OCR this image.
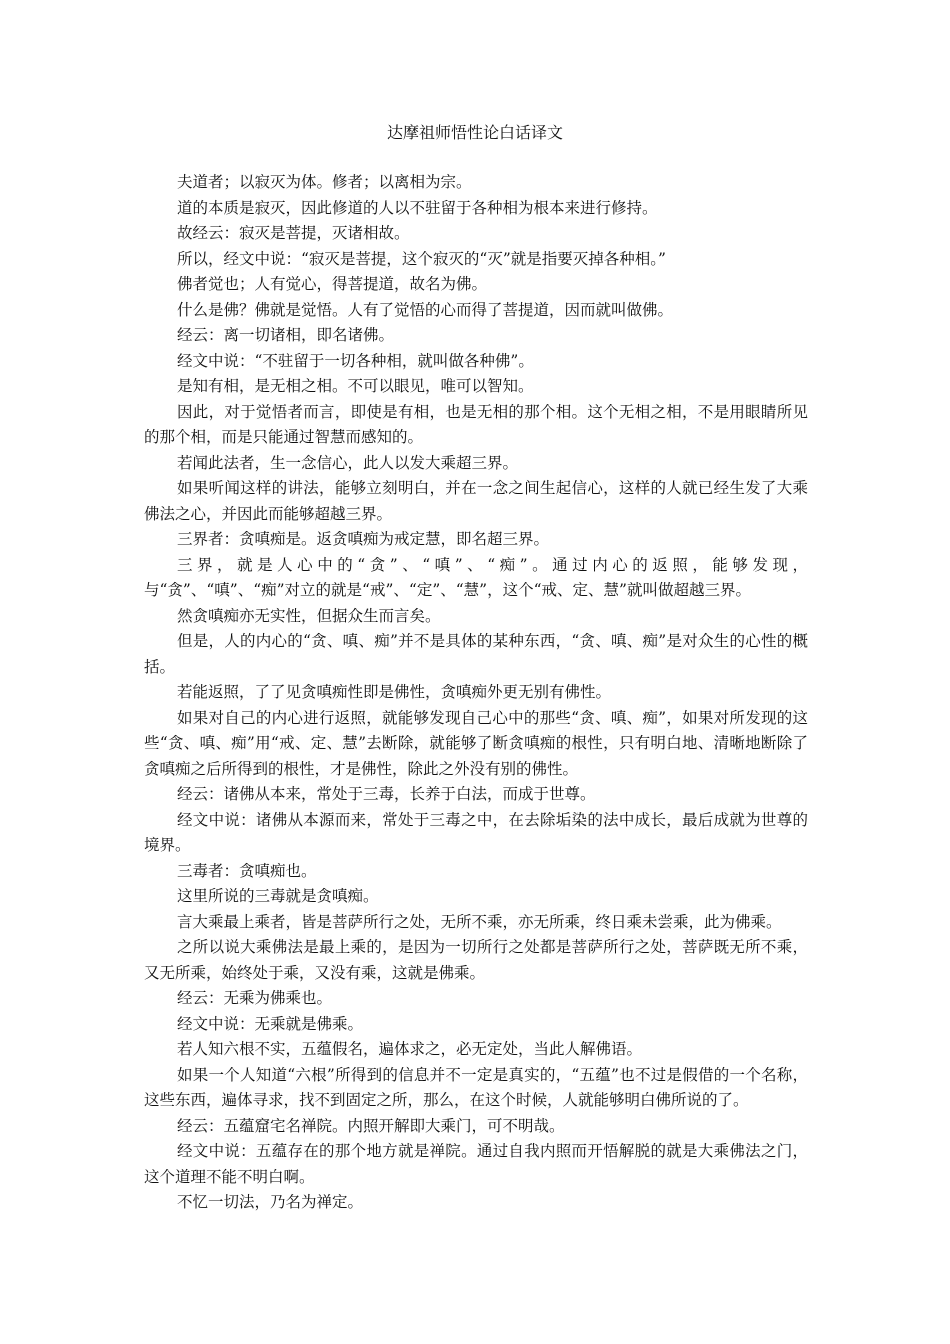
达摩祖师悟性论白话译文

夫道者；以寂灭为体。修者；以离相为宗。

道的本质是寂灭，因此修道的人以不驻留于各种相为根本来进行修持。

故经云：寂灭是菩提，灭诸相故。

所以，经文中说：“寂灭是菩提，这个寂灭的“灭”就是指要灭掉各种相。”

佛者觉也；人有觉心，得菩提道，故名为佛。

什么是佛？佛就是觉悟。人有了觉悟的心而得了菩提道，因而就叫做佛。

经云：离一切诸相，即名诸佛。

经文中说：“不驻留于一切各种相，就叫做各种佛”。

是知有相，是无相之相。不可以眼见，唯可以智知。

因此，对于觉悟者而言，即使是有相，也是无相的那个相。这个无相之相，不是用眼睛所见的那个相，而是只能通过智慧而感知的。

若闻此法者，生一念信心，此人以发大乘超三界。

如果听闻这样的讲法，能够立刻明白，并在一念之间生起信心，这样的人就已经生发了大乘佛法之心，并因此而能够超越三界。

三界者：贪嗔痴是。返贪嗔痴为戒定慧，即名超三界。

三界，就是人心中的“贪”、“嗔”、“痴”。通过内心的返照，能够发现，与“贪”、“嗔”、“痴”对立的就是“戒”、“定”、“慧”，这个“戒、定、慧”就叫做超越三界。

然贪嗔痴亦无实性，但据众生而言矣。

但是，人的内心的“贪、嗔、痴”并不是具体的某种东西，“贪、嗔、痴”是对众生的心性的概括。

若能返照，了了见贪嗔痴性即是佛性，贪嗔痴外更无别有佛性。

如果对自己的内心进行返照，就能够发现自己心中的那些“贪、嗔、痴”，如果对所发现的这些“贪、嗔、痴”用“戒、定、慧”去断除，就能够了断贪嗔痴的根性，只有明白地、清晰地断除了贪嗔痴之后所得到的根性，才是佛性，除此之外没有别的佛性。

经云：诸佛从本来，常处于三毒，长养于白法，而成于世尊。

经文中说：诸佛从本源而来，常处于三毒之中，在去除垢染的法中成长，最后成就为世尊的境界。

三毒者：贪嗔痴也。

这里所说的三毒就是贪嗔痴。

言大乘最上乘者，皆是菩萨所行之处，无所不乘，亦无所乘，终日乘未尝乘，此为佛乘。

之所以说大乘佛法是最上乘的，是因为一切所行之处都是菩萨所行之处，菩萨既无所不乘，又无所乘，始终处于乘，又没有乘，这就是佛乘。

经云：无乘为佛乘也。

经文中说：无乘就是佛乘。

若人知六根不实，五蕴假名，遍体求之，必无定处，当此人解佛语。

如果一个人知道“六根”所得到的信息并不一定是真实的，“五蕴”也不过是假借的一个名称，这些东西，遍体寻求，找不到固定之所，那么，在这个时候，人就能够明白佛所说的了。

经云：五蕴窟宅名禅院。内照开解即大乘门，可不明哉。

经文中说：五蕴存在的那个地方就是禅院。通过自我内照而开悟解脱的就是大乘佛法之门，这个道理不能不明白啊。

不忆一切法，乃名为禅定。
